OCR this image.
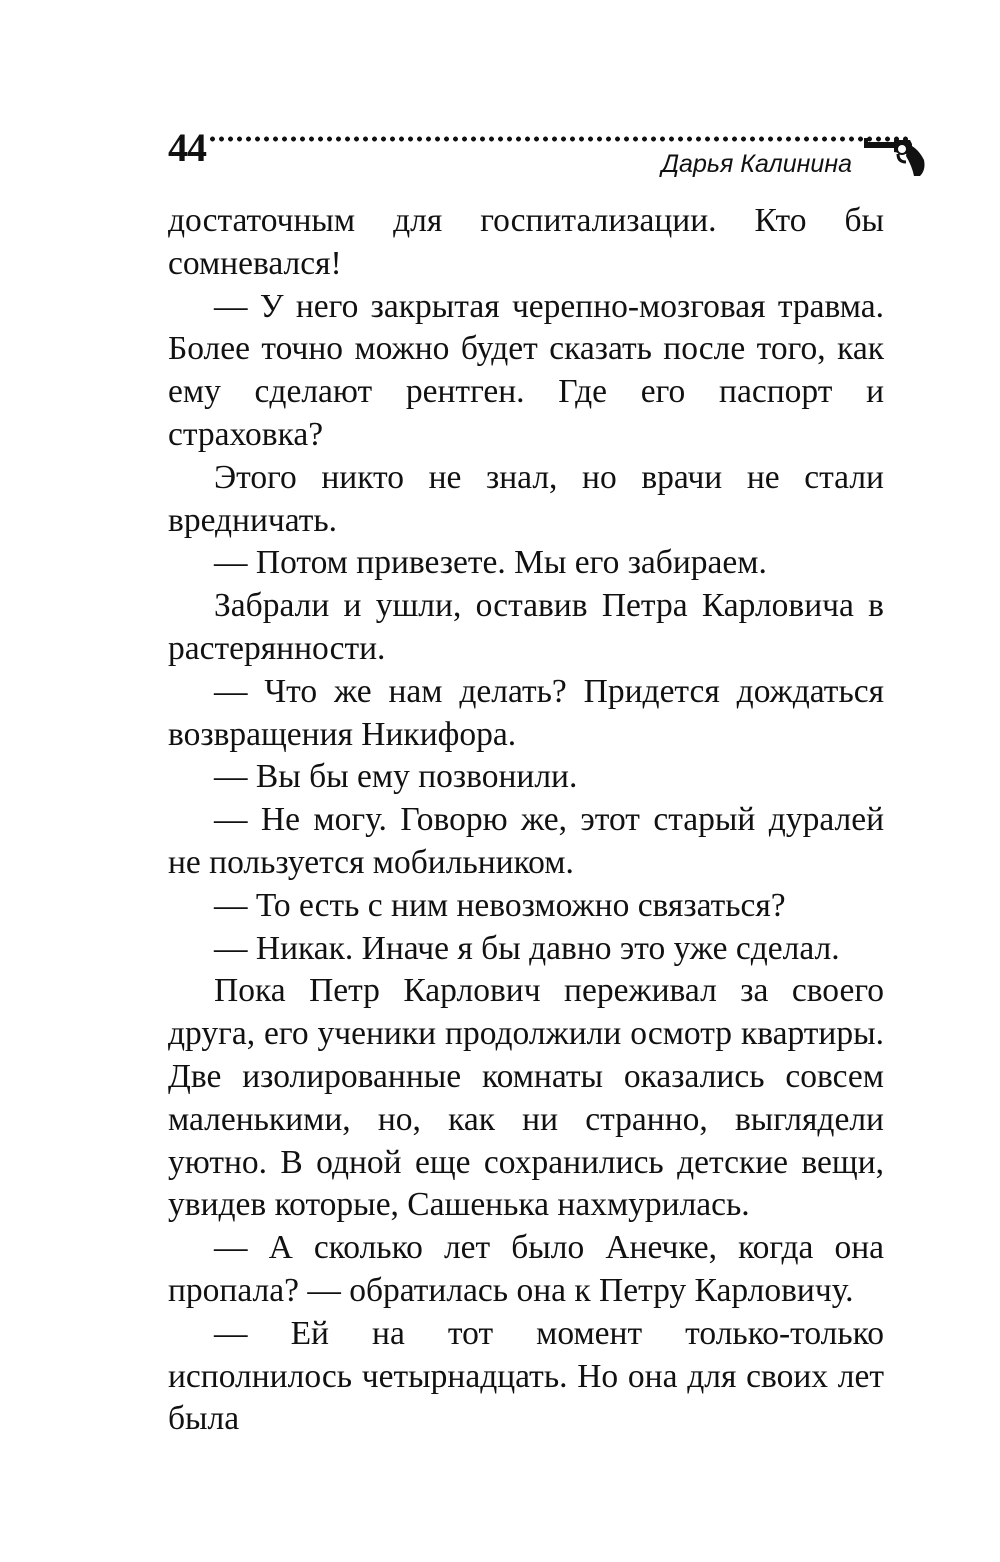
44	Дарья Калинина

достаточным для госпитализации. Кто бы сомневался!

— У него закрытая черепно-мозговая травма. Более точно можно будет сказать после того, как ему сделают рентген. Где его паспорт и страховка?

Этого никто не знал, но врачи не стали вредничать.

— Потом привезете. Мы его забираем.

Забрали и ушли, оставив Петра Карловича в растерянности.

— Что же нам делать? Придется дождаться возвращения Никифора.

— Вы бы ему позвонили.

— Не могу. Говорю же, этот старый дуралей не пользуется мобильником.

— То есть с ним невозможно связаться?

— Никак. Иначе я бы давно это уже сделал.

Пока Петр Карлович переживал за своего друга, его ученики продолжили осмотр квартиры. Две изолированные комнаты оказались совсем маленькими, но, как ни странно, выглядели уютно. В одной еще сохранились детские вещи, увидев которые, Сашенька нахмурилась.

— А сколько лет было Анечке, когда она пропала? — обратилась она к Петру Карловичу.

— Ей на тот момент только-только исполнилось четырнадцать. Но она для своих лет была
